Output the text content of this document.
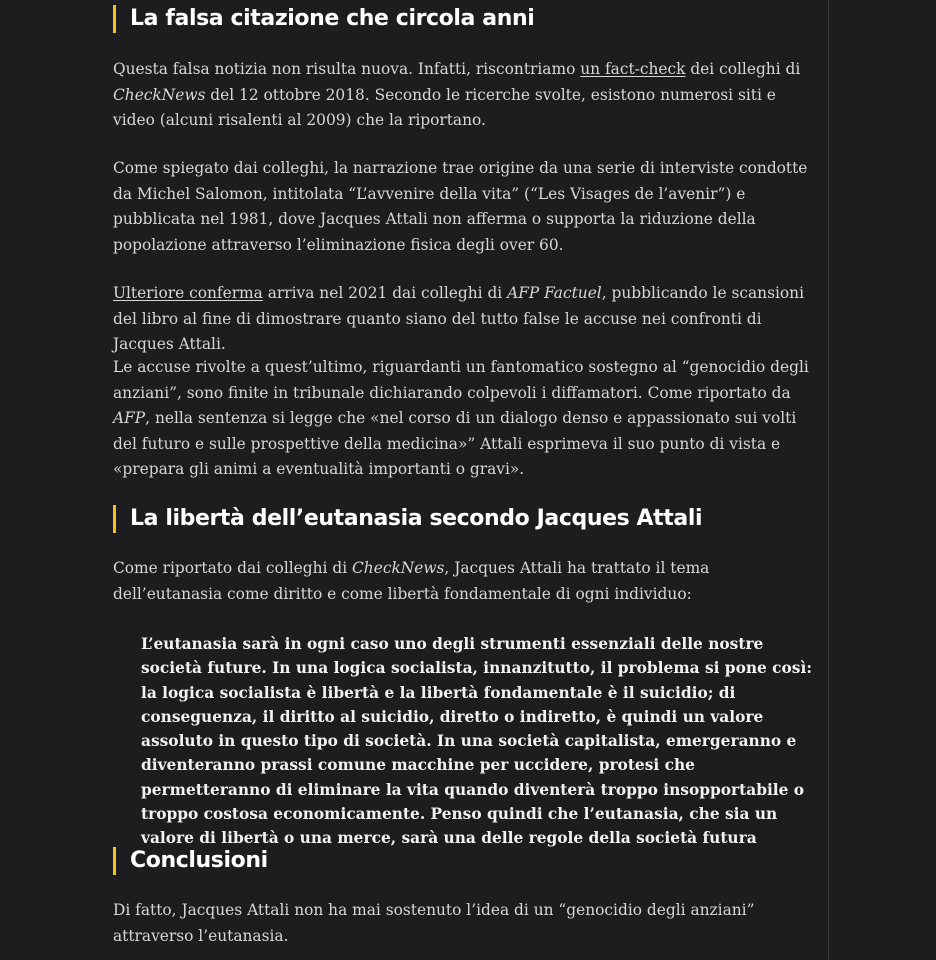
La falsa citazione che circola anni

Questa falsa notizia non risulta nuova. Infatti, riscontriamo un fact-check dei colleghi di CheckNews del 12 ottobre 2018. Secondo le ricerche svolte, esistono numerosi siti e video (alcuni risalenti al 2009) che la riportano.

Come spiegato dai colleghi, la narrazione trae origine da una serie di interviste condotte da Michel Salomon, intitolata “L’avvenire della vita” (“Les Visages de l’avenir”) e pubblicata nel 1981, dove Jacques Attali non afferma o supporta la riduzione della popolazione attraverso l’eliminazione fisica degli over 60.

Ulteriore conferma arriva nel 2021 dai colleghi di AFP Factuel, pubblicando le scansioni del libro al fine di dimostrare quanto siano del tutto false le accuse nei confronti di Jacques Attali.

Le accuse rivolte a quest’ultimo, riguardanti un fantomatico sostegno al “genocidio degli anziani”, sono finite in tribunale dichiarando colpevoli i diffamatori. Come riportato da AFP, nella sentenza si legge che «nel corso di un dialogo denso e appassionato sui volti del futuro e sulle prospettive della medicina»” Attali esprimeva il suo punto di vista e «prepara gli animi a eventualità importanti o gravi».

La libertà dell’eutanasia secondo Jacques Attali

Come riportato dai colleghi di CheckNews, Jacques Attali ha trattato il tema dell’eutanasia come diritto e come libertà fondamentale di ogni individuo:

L’eutanasia sarà in ogni caso uno degli strumenti essenziali delle nostre società future. In una logica socialista, innanzitutto, il problema si pone così: la logica socialista è libertà e la libertà fondamentale è il suicidio; di conseguenza, il diritto al suicidio, diretto o indiretto, è quindi un valore assoluto in questo tipo di società. In una società capitalista, emergeranno e diventeranno prassi comune macchine per uccidere, protesi che permetteranno di eliminare la vita quando diventerà troppo insopportabile o troppo costosa economicamente. Penso quindi che l’eutanasia, che sia un valore di libertà o una merce, sarà una delle regole della società futura
Conclusioni

Di fatto, Jacques Attali non ha mai sostenuto l’idea di un “genocidio degli anziani” attraverso l’eutanasia.
